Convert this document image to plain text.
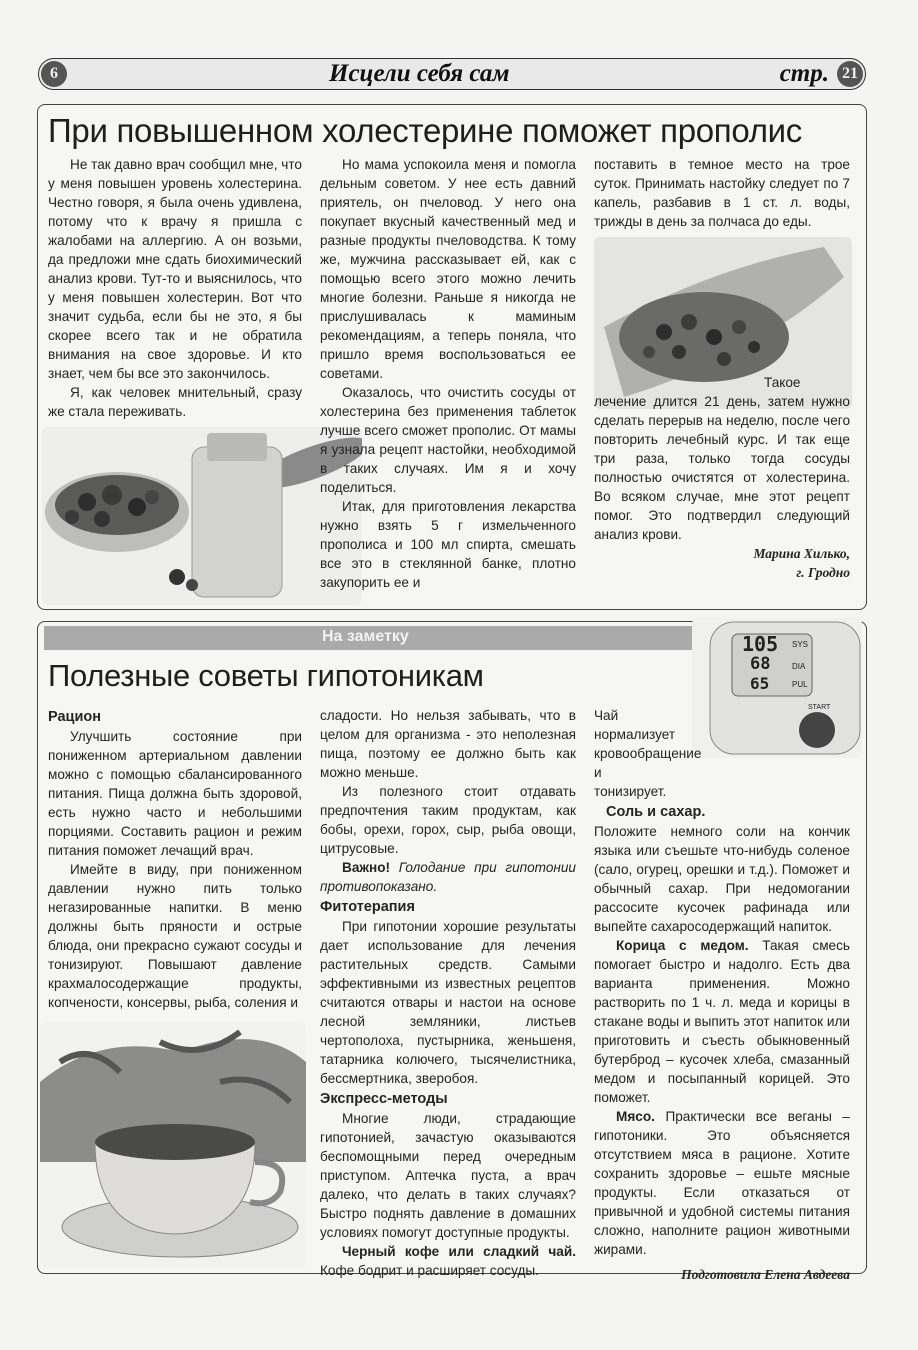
6	Исцели себя сам	стр. 21
При повышенном холестерине поможет прополис

Не так давно врач сообщил мне, что у меня повышен уровень холестерина. Честно говоря, я была очень удивлена, потому что к врачу я пришла с жалобами на аллергию. А он возьми, да предложи мне сдать биохимический анализ крови. Тут-то и выяснилось, что у меня повышен холестерин. Вот что значит судьба, если бы не это, я бы скорее всего так и не обратила внимания на свое здоровье. И кто знает, чем бы все это закончилось.

Я, как человек мнительный, сразу же стала переживать.

Но мама успокоила меня и помогла дельным советом. У нее есть давний приятель, он пчеловод. У него она покупает вкусный качественный мед и разные продукты пчеловодства. К тому же, мужчина рассказывает ей, как с помощью всего этого можно лечить многие болезни. Раньше я никогда не прислушивалась к маминым рекомендациям, а теперь поняла, что пришло время воспользоваться ее советами.

Оказалось, что очистить сосуды от холестерина без применения таблеток лучше всего сможет прополис. От мамы я узнала рецепт настойки, необходимой в таких случаях. Им я и хочу поделиться.

Итак, для приготовления лекарства нужно взять 5 г измельченного прополиса и 100 мл спирта, смешать все это в стеклянной банке, плотно закупорить ее и

поставить в темное место на трое суток. Принимать настойку следует по 7 капель, разбавив в 1 ст. л. воды, трижды в день за полчаса до еды.

Такое лечение длится 21 день, затем нужно сделать перерыв на неделю, после чего повторить лечебный курс. И так еще три раза, только тогда сосуды полностью очистятся от холестерина. Во всяком случае, мне этот рецепт помог. Это подтвердил следующий анализ крови.

Марина Хилько,
г. Гродно
На заметку
Полезные советы гипотоникам
105
68
65
SYS
DIA
PUL
START

Рацион

Улучшить состояние при пониженном артериальном давлении можно с помощью сбалансированного питания. Пища должна быть здоровой, есть нужно часто и небольшими порциями. Составить рацион и режим питания поможет лечащий врач.

Имейте в виду, при пониженном давлении нужно пить только негазированные напитки. В меню должны быть пряности и острые блюда, они прекрасно сужают сосуды и тонизируют. Повышают давление крахмалосодержащие продукты, копчености, консервы, рыба, соления и

сладости. Но нельзя забывать, что в целом для организма - это неполезная пища, поэтому ее должно быть как можно меньше.

Из полезного стоит отдавать предпочтения таким продуктам, как бобы, орехи, горох, сыр, рыба овощи, цитрусовые.

Важно! Голодание при гипотонии противопоказано.

Фитотерапия

При гипотонии хорошие результаты дает использование для лечения растительных средств. Самыми эффективными из известных рецептов считаются отвары и настои на основе лесной земляники, листьев чертополоха, пустырника, женьшеня, татарника колючего, тысячелистника, бессмертника, зверобоя.

Экспресс-методы

Многие люди, страдающие гипотонией, зачастую оказываются беспомощными перед очередным приступом. Аптечка пуста, а врач далеко, что делать в таких случаях? Быстро поднять давление в домашних условиях помогут доступные продукты.

Черный кофе или сладкий чай. Кофе бодрит и расширяет сосуды.

Чай нормализует кровообращение и тонизирует.

Соль и сахар.

Положите немного соли на кончик языка или съешьте что-нибудь соленое (сало, огурец, орешки и т.д.). Поможет и обычный сахар. При недомогании рассосите кусочек рафинада или выпейте сахаросодержащий напиток.

Корица с медом. Такая смесь помогает быстро и надолго. Есть два варианта применения. Можно растворить по 1 ч. л. меда и корицы в стакане воды и выпить этот напиток или приготовить и съесть обыкновенный бутерброд – кусочек хлеба, смазанный медом и посыпанный корицей. Это поможет.

Мясо. Практически все веганы – гипотоники. Это объясняется отсутствием мяса в рационе. Хотите сохранить здоровье – ешьте мясные продукты. Если отказаться от привычной и удобной системы питания сложно, наполните рацион животными жирами.

Подготовила Елена Авдеева
